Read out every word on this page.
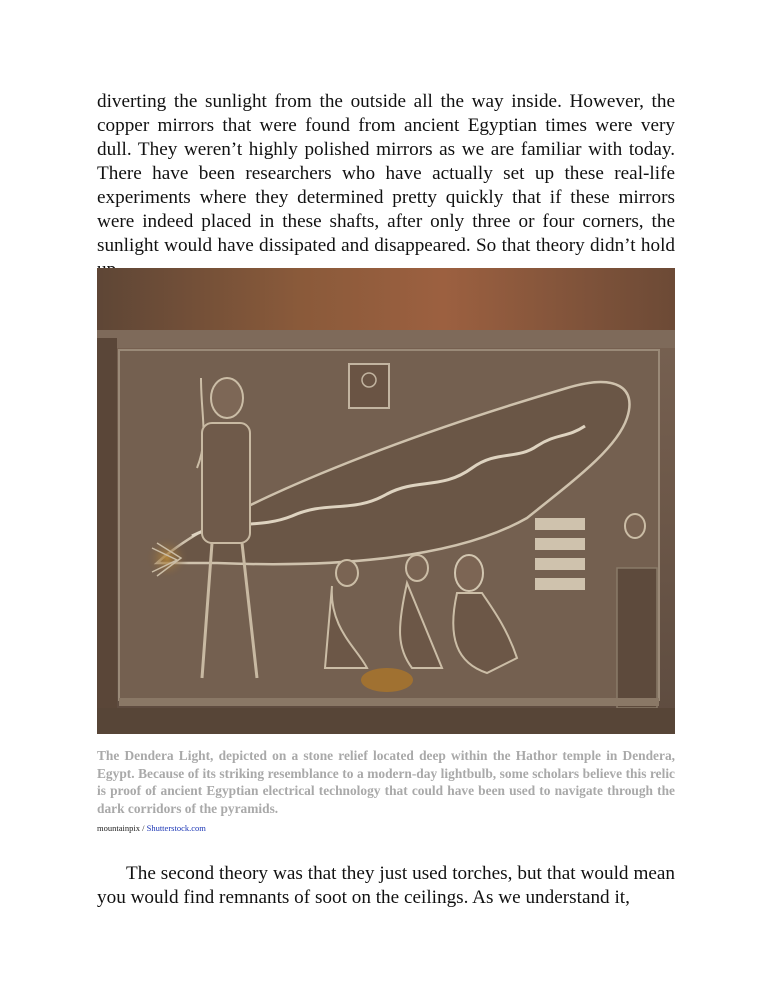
diverting the sunlight from the outside all the way inside. However, the copper mirrors that were found from ancient Egyptian times were very dull. They weren’t highly polished mirrors as we are familiar with today. There have been researchers who have actually set up these real-life experiments where they determined pretty quickly that if these mirrors were indeed placed in these shafts, after only three or four corners, the sunlight would have dissipated and disappeared. So that theory didn’t hold

The Dendera Light, depicted on a stone relief located deep within the Hathor temple in Dendera, Egypt. Because of its striking resemblance to a modern-day lightbulb, some scholars believe this relic is proof of ancient Egyptian electrical technology that could have been used to navigate through the dark corridors of the pyramids.

mountainpix / Shutterstock.com

The second theory was that they just used torches, but that would mean you would find remnants of soot on the ceilings. As we understand it,
